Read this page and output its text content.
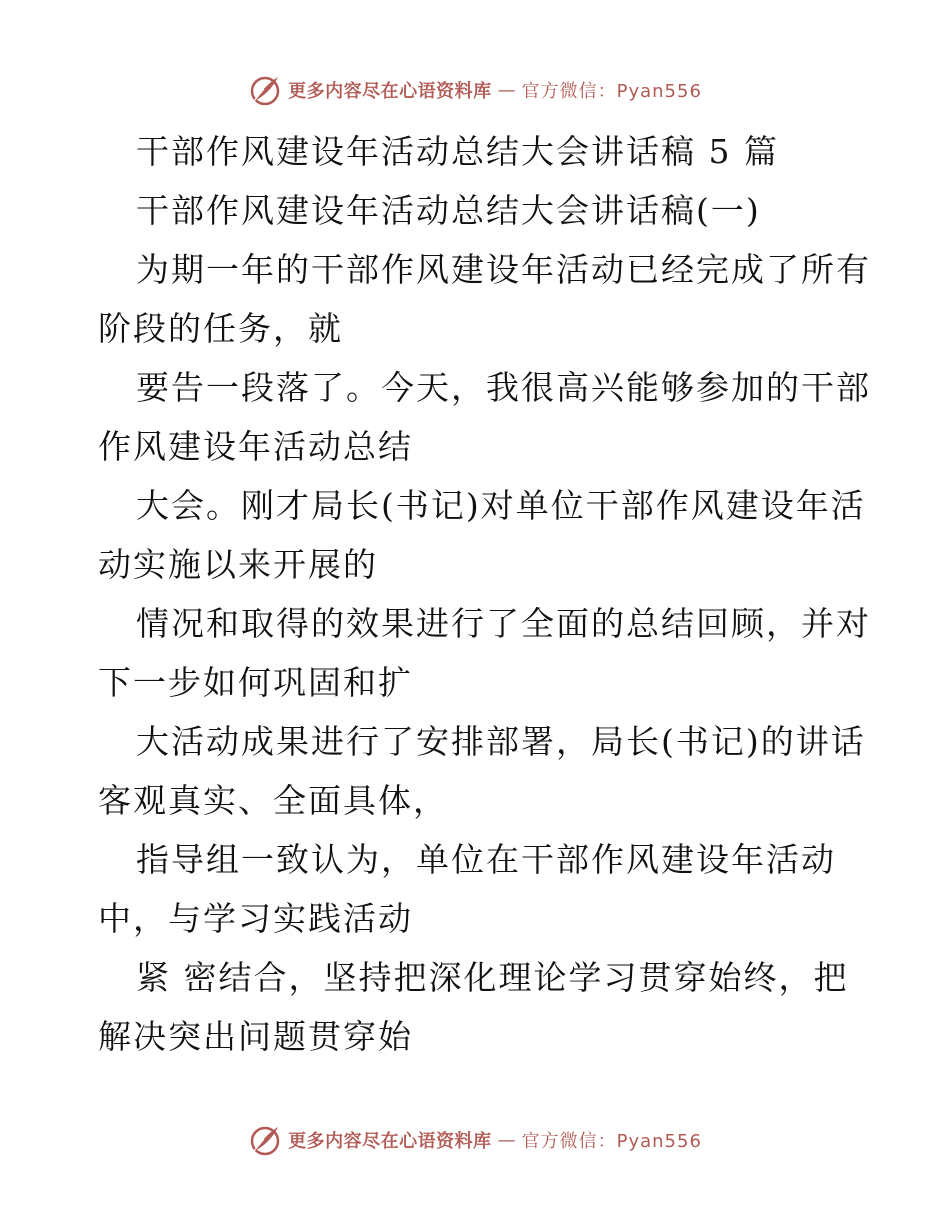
更多内容尽在心语资料库 — 官方微信：Pyan556

干部作风建设年活动总结大会讲话稿 5 篇

干部作风建设年活动总结大会讲话稿(一)

为期一年的干部作风建设年活动已经完成了所有

阶段的任务，就

要告一段落了。今天，我很高兴能够参加的干部

作风建设年活动总结

大会。刚才局长(书记)对单位干部作风建设年活

动实施以来开展的

情况和取得的效果进行了全面的总结回顾，并对

下一步如何巩固和扩

大活动成果进行了安排部署，局长(书记)的讲话

客观真实、全面具体，

指导组一致认为，单位在干部作风建设年活动

中，与学习实践活动

紧 密结合，坚持把深化理论学习贯穿始终，把

解决突出问题贯穿始

更多内容尽在心语资料库 — 官方微信：Pyan556
